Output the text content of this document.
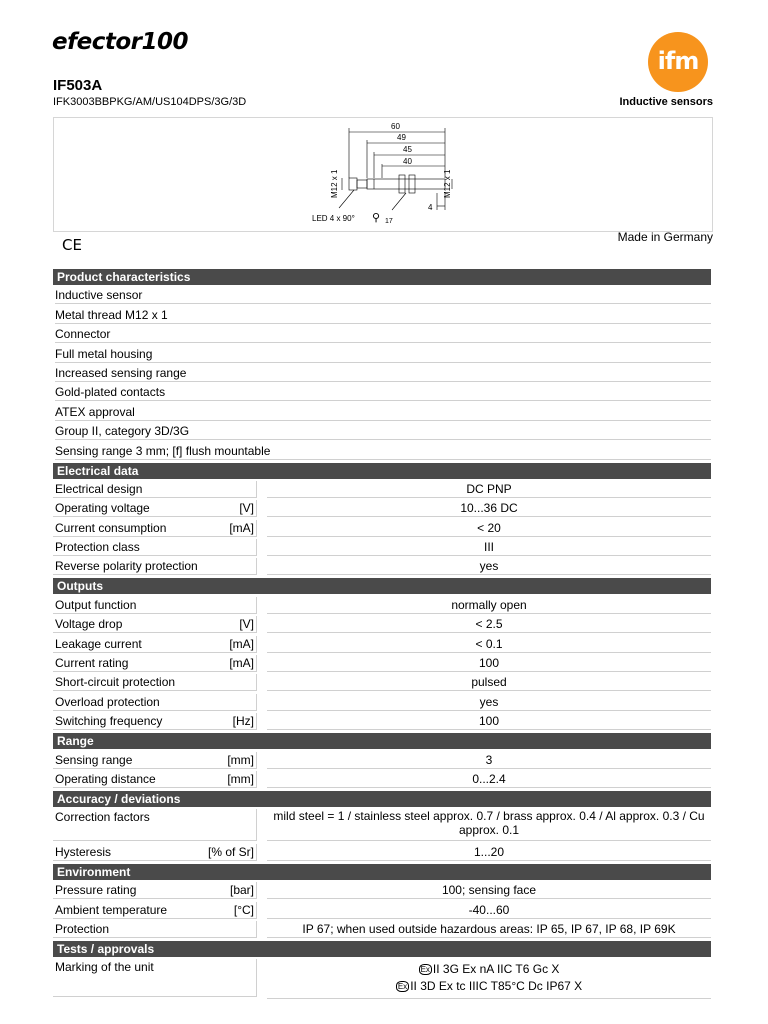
efector100
ifm
IF503A
IFK3003BBPKG/AM/US104DPS/3G/3D	Inductive sensors
60
49
45
40
4
M12 x 1	M12 x 1
LED 4 x 90° ⚲ 17
CE	Made in Germany
Product characteristics
Inductive sensor
Metal thread M12 x 1
Connector
Full metal housing
Increased sensing range
Gold-plated contacts
ATEX approval
Group II, category 3D/3G
Sensing range 3 mm; [f] flush mountable
Electrical data
Electrical design	DC PNP
Operating voltage	[V]	10...36 DC
Current consumption	[mA]	< 20
Protection class	III
Reverse polarity protection	yes
Outputs
Output function	normally open
Voltage drop	[V]	< 2.5
Leakage current	[mA]	< 0.1
Current rating	[mA]	100
Short-circuit protection	pulsed
Overload protection	yes
Switching frequency	[Hz]	100
Range
Sensing range	[mm]	3
Operating distance	[mm]	0...2.4
Accuracy / deviations
Correction factors	mild steel = 1 / stainless steel approx. 0.7 / brass approx. 0.4 / Al approx. 0.3 / Cu approx. 0.1
Hysteresis	[% of Sr]	1...20
Environment
Pressure rating	[bar]	100; sensing face
Ambient temperature	[°C]	-40...60
Protection	IP 67; when used outside hazardous areas: IP 65, IP 67, IP 68, IP 69K
Tests / approvals
Marking of the unit	Ex II 3G Ex nA IIC T6 Gc X
Ex II 3D Ex tc IIIC T85°C Dc IP67 X
